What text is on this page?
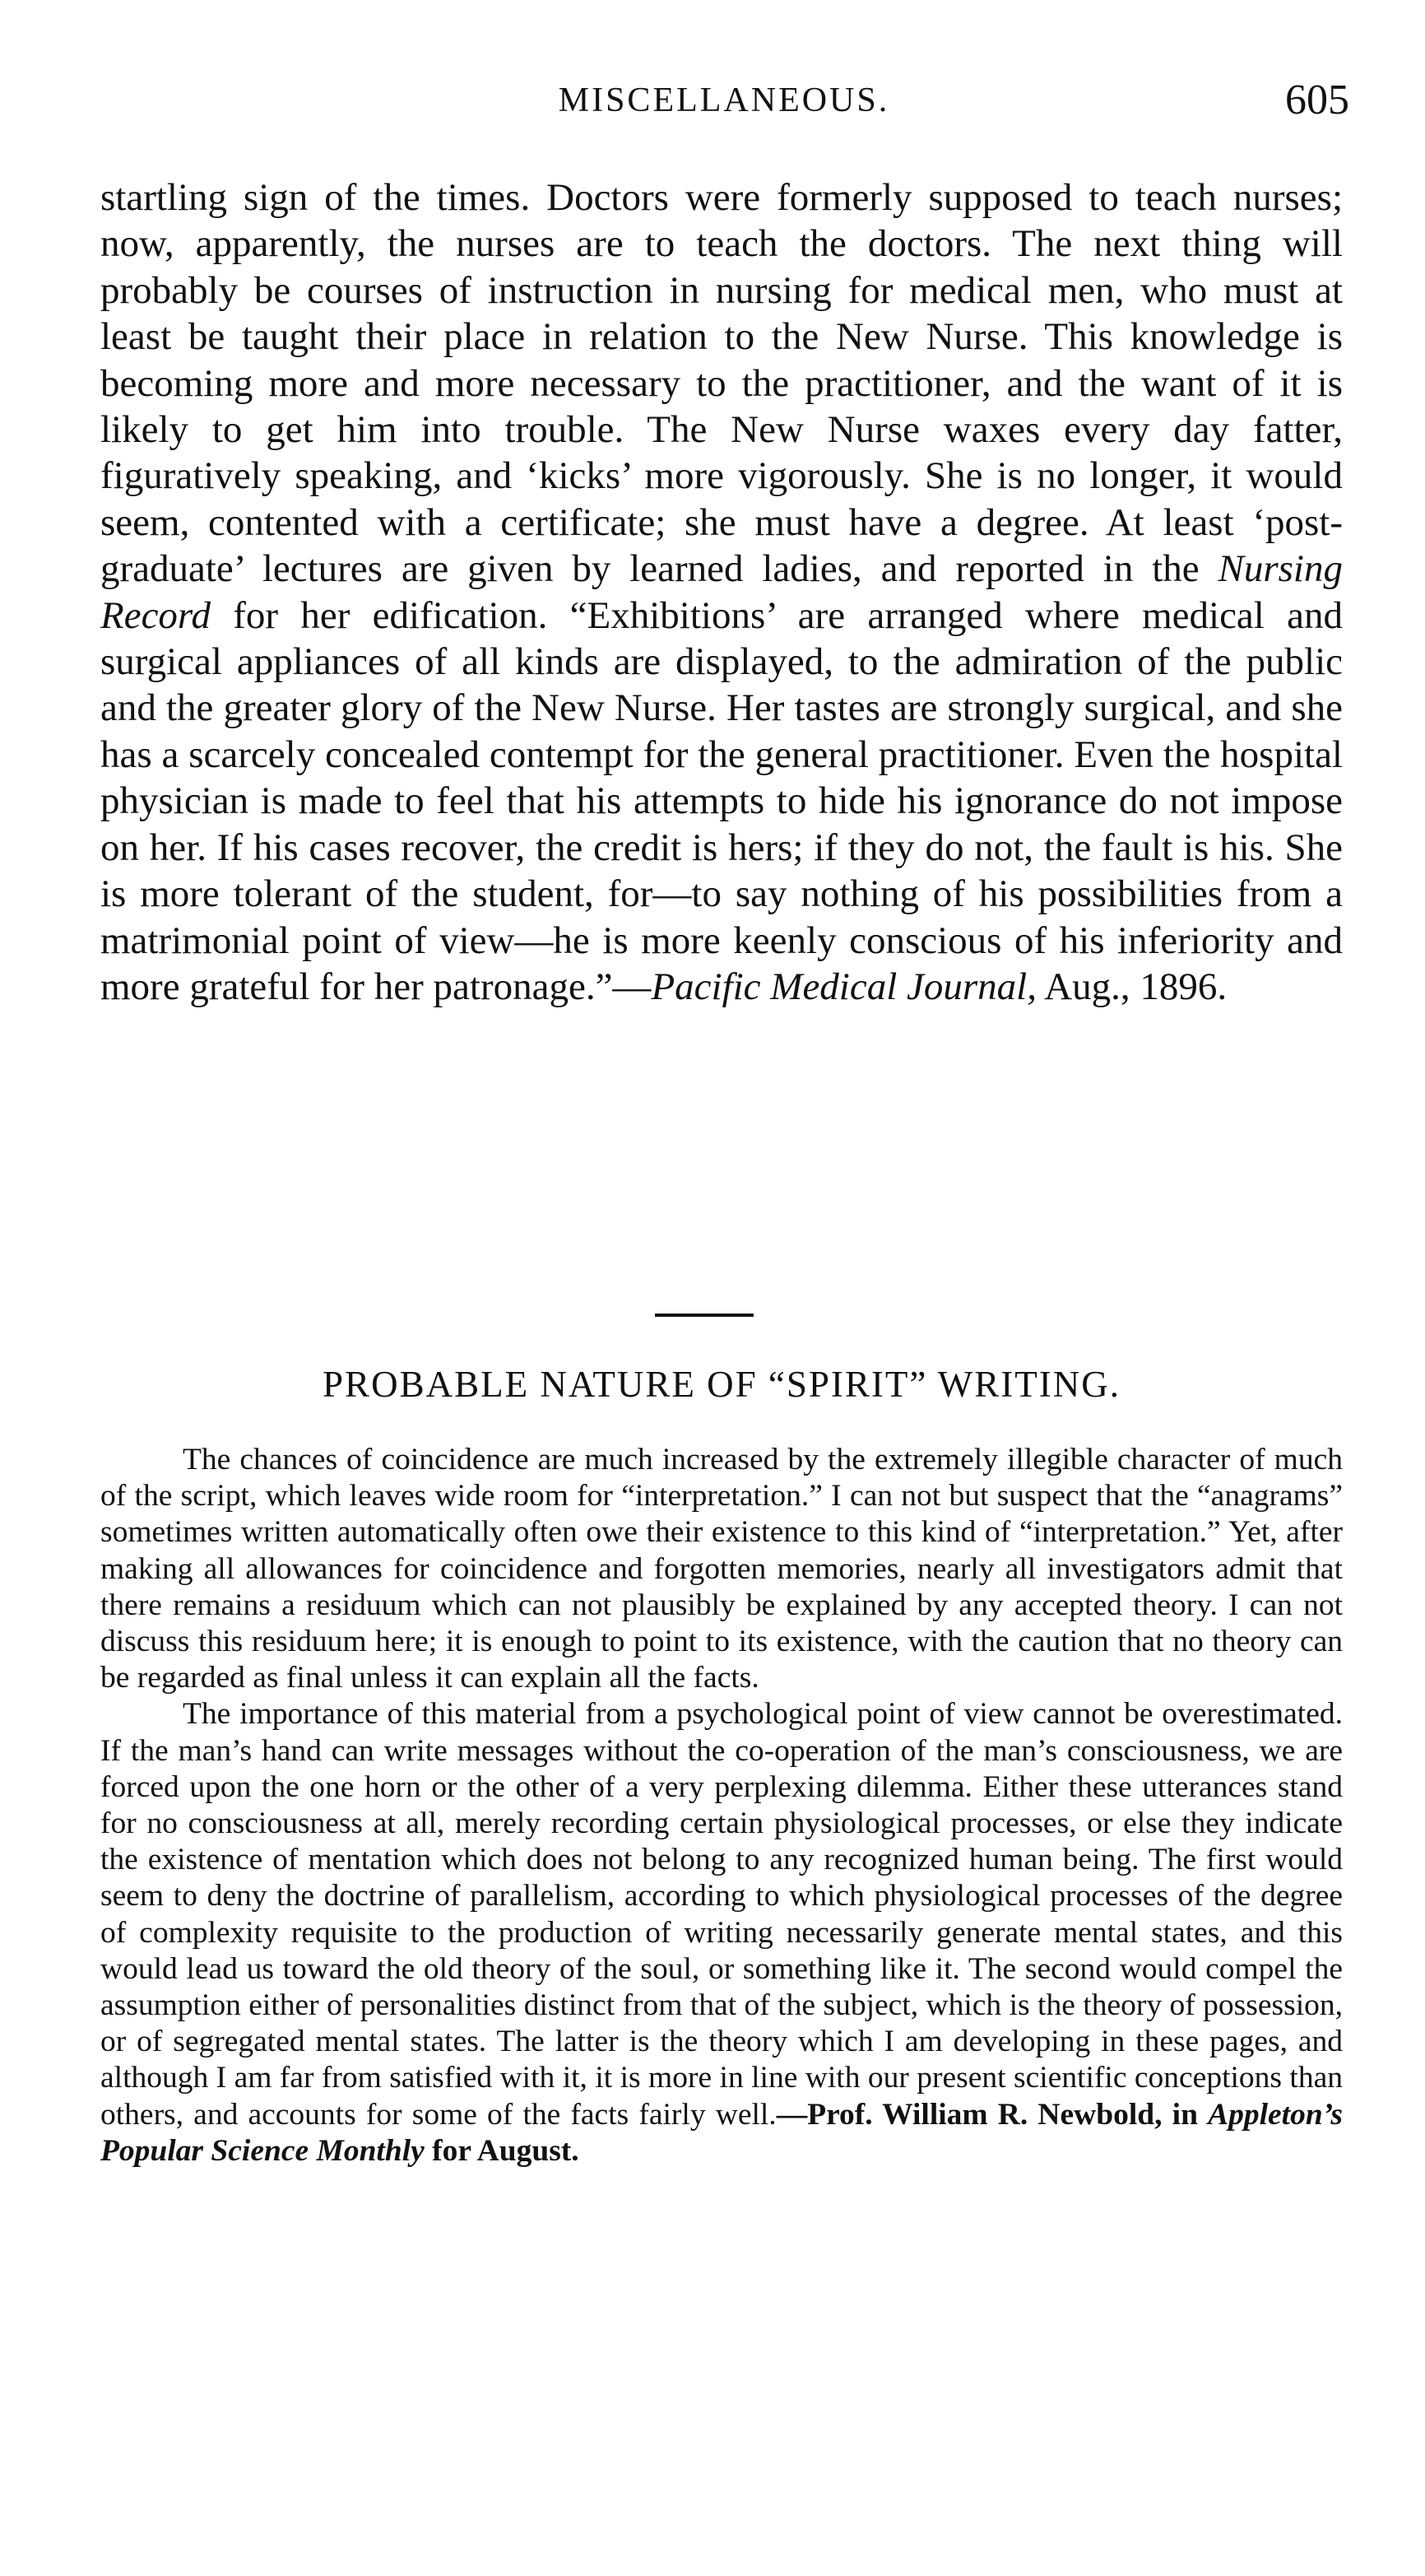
MISCELLANEOUS.	605

startling sign of the times. Doctors were formerly supposed to teach nurses; now, apparently, the nurses are to teach the doctors. The next thing will probably be courses of instruction in nursing for medical men, who must at least be taught their place in relation to the New Nurse. This knowledge is becoming more and more necessary to the practitioner, and the want of it is likely to get him into trouble. The New Nurse waxes every day fatter, figuratively speaking, and ‘kicks’ more vigorously. She is no longer, it would seem, contented with a certificate; she must have a degree. At least ‘post-graduate’ lectures are given by learned ladies, and reported in the Nursing Record for her edification. “Exhibitions’ are arranged where medical and surgical appliances of all kinds are displayed, to the admiration of the public and the greater glory of the New Nurse. Her tastes are strongly surgical, and she has a scarcely concealed contempt for the general practitioner. Even the hospital physician is made to feel that his attempts to hide his ignorance do not impose on her. If his cases recover, the credit is hers; if they do not, the fault is his. She is more tolerant of the student, for—to say nothing of his possibilities from a matrimonial point of view—he is more keenly conscious of his inferiority and more grateful for her patronage.”—Pacific Medical Journal, Aug., 1896.

PROBABLE NATURE OF “SPIRIT” WRITING.

The chances of coincidence are much increased by the extremely illegible character of much of the script, which leaves wide room for “interpretation.” I can not but suspect that the “anagrams” sometimes written automatically often owe their existence to this kind of “interpretation.” Yet, after making all allowances for coincidence and forgotten memories, nearly all investigators admit that there remains a residuum which can not plausibly be explained by any accepted theory. I can not discuss this residuum here; it is enough to point to its existence, with the caution that no theory can be regarded as final unless it can explain all the facts.

The importance of this material from a psychological point of view cannot be overestimated. If the man’s hand can write messages without the co-operation of the man’s consciousness, we are forced upon the one horn or the other of a very perplexing dilemma. Either these utterances stand for no consciousness at all, merely recording certain physiological processes, or else they indicate the existence of mentation which does not belong to any recognized human being. The first would seem to deny the doctrine of parallelism, according to which physiological processes of the degree of complexity requisite to the production of writing necessarily generate mental states, and this would lead us toward the old theory of the soul, or something like it. The second would compel the assumption either of personalities distinct from that of the subject, which is the theory of possession, or of segregated mental states. The latter is the theory which I am developing in these pages, and although I am far from satisfied with it, it is more in line with our present scientific conceptions than others, and accounts for some of the facts fairly well.—Prof. William R. Newbold, in Appleton’s Popular Science Monthly for August.
